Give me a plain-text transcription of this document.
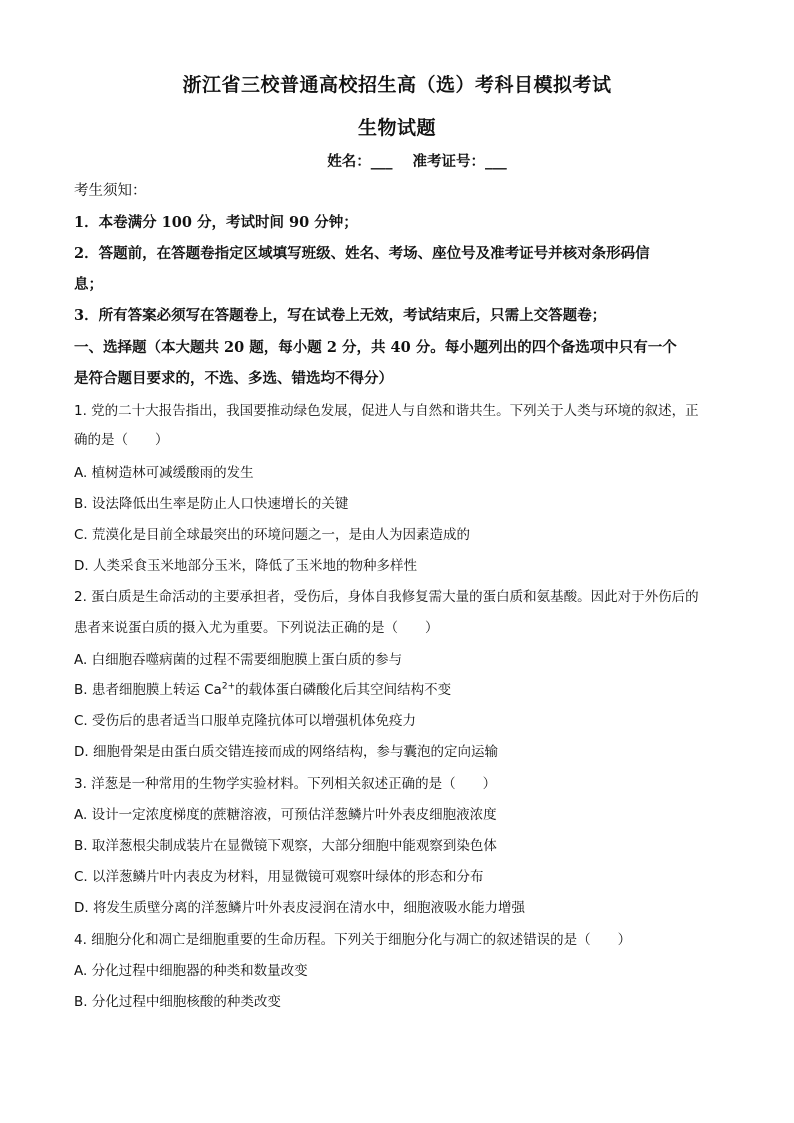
浙江省三校普通高校招生高（选）考科目模拟考试
生物试题
姓名：___ 准考证号：___
考生须知：
1．本卷满分 100 分，考试时间 90 分钟；
2．答题前，在答题卷指定区域填写班级、姓名、考场、座位号及准考证号并核对条形码信
息；
3．所有答案必须写在答题卷上，写在试卷上无效，考试结束后，只需上交答题卷；
一、选择题（本大题共 20 题，每小题 2 分，共 40 分。每小题列出的四个备选项中只有一个
是符合题目要求的，不选、多选、错选均不得分）
1. 党的二十大报告指出，我国要推动绿色发展，促进人与自然和谐共生。下列关于人类与环境的叙述，正
确的是（　　）
A. 植树造林可减缓酸雨的发生
B. 设法降低出生率是防止人口快速增长的关键
C. 荒漠化是目前全球最突出的环境问题之一，是由人为因素造成的
D. 人类采食玉米地部分玉米，降低了玉米地的物种多样性
2. 蛋白质是生命活动的主要承担者，受伤后，身体自我修复需大量的蛋白质和氨基酸。因此对于外伤后的
患者来说蛋白质的摄入尤为重要。下列说法正确的是（　　）
A. 白细胞吞噬病菌的过程不需要细胞膜上蛋白质的参与
B. 患者细胞膜上转运 $Ca^{2+}$的载体蛋白磷酸化后其空间结构不变
C. 受伤后的患者适当口服单克隆抗体可以增强机体免疫力
D. 细胞骨架是由蛋白质交错连接而成的网络结构，参与囊泡的定向运输
3. 洋葱是一种常用的生物学实验材料。下列相关叙述正确的是（　　）
A. 设计一定浓度梯度的蔗糖溶液，可预估洋葱鳞片叶外表皮细胞液浓度
B. 取洋葱根尖制成装片在显微镜下观察，大部分细胞中能观察到染色体
C. 以洋葱鳞片叶内表皮为材料，用显微镜可观察叶绿体的形态和分布
D. 将发生质壁分离的洋葱鳞片叶外表皮浸润在清水中，细胞液吸水能力增强
4. 细胞分化和凋亡是细胞重要的生命历程。下列关于细胞分化与凋亡的叙述错误的是（　　）
A. 分化过程中细胞器的种类和数量改变
B. 分化过程中细胞核酸的种类改变
